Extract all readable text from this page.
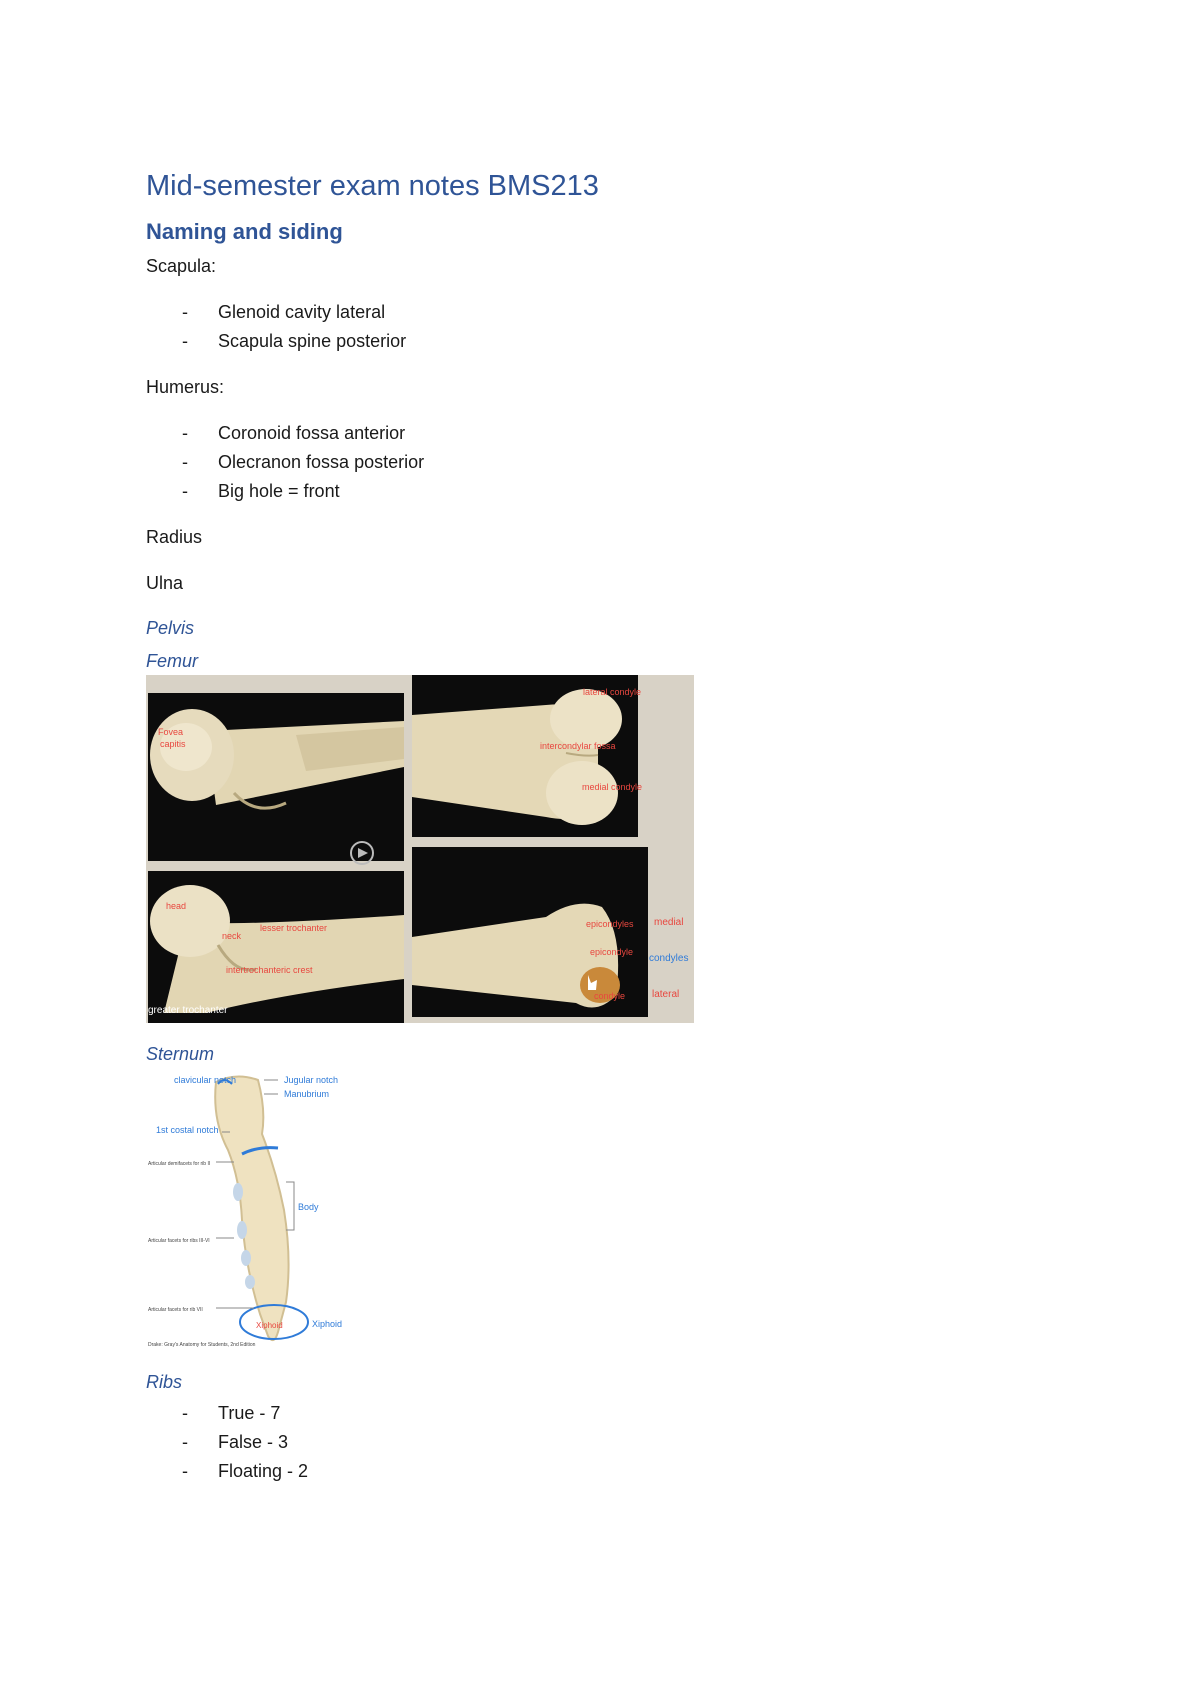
Mid-semester exam notes BMS213
Naming and siding
Scapula:
- Glenoid cavity lateral
- Scapula spine posterior
Humerus:
- Coronoid fossa anterior
- Olecranon fossa posterior
- Big hole = front
Radius
Ulna
Pelvis
Femur
Fovea
capitis
lateral condyle
intercondylar fossa
medial condyle
head
lesser trochanter
neck
intertrochanteric crest
greater trochanter
epicondyles medial
condyles
lateral
epicondyle
condyle
Sternum
clavicular notch	Jugular notch
Manubrium
1st costal notch
Articular demifacets for rib II
Body
Articular facets for ribs III-VI
Articular facets for rib VII
Xiphoid
Xiphoid
Drake: Gray's Anatomy for Students, 2nd Edition
Ribs
- True - 7
- False - 3
- Floating - 2
